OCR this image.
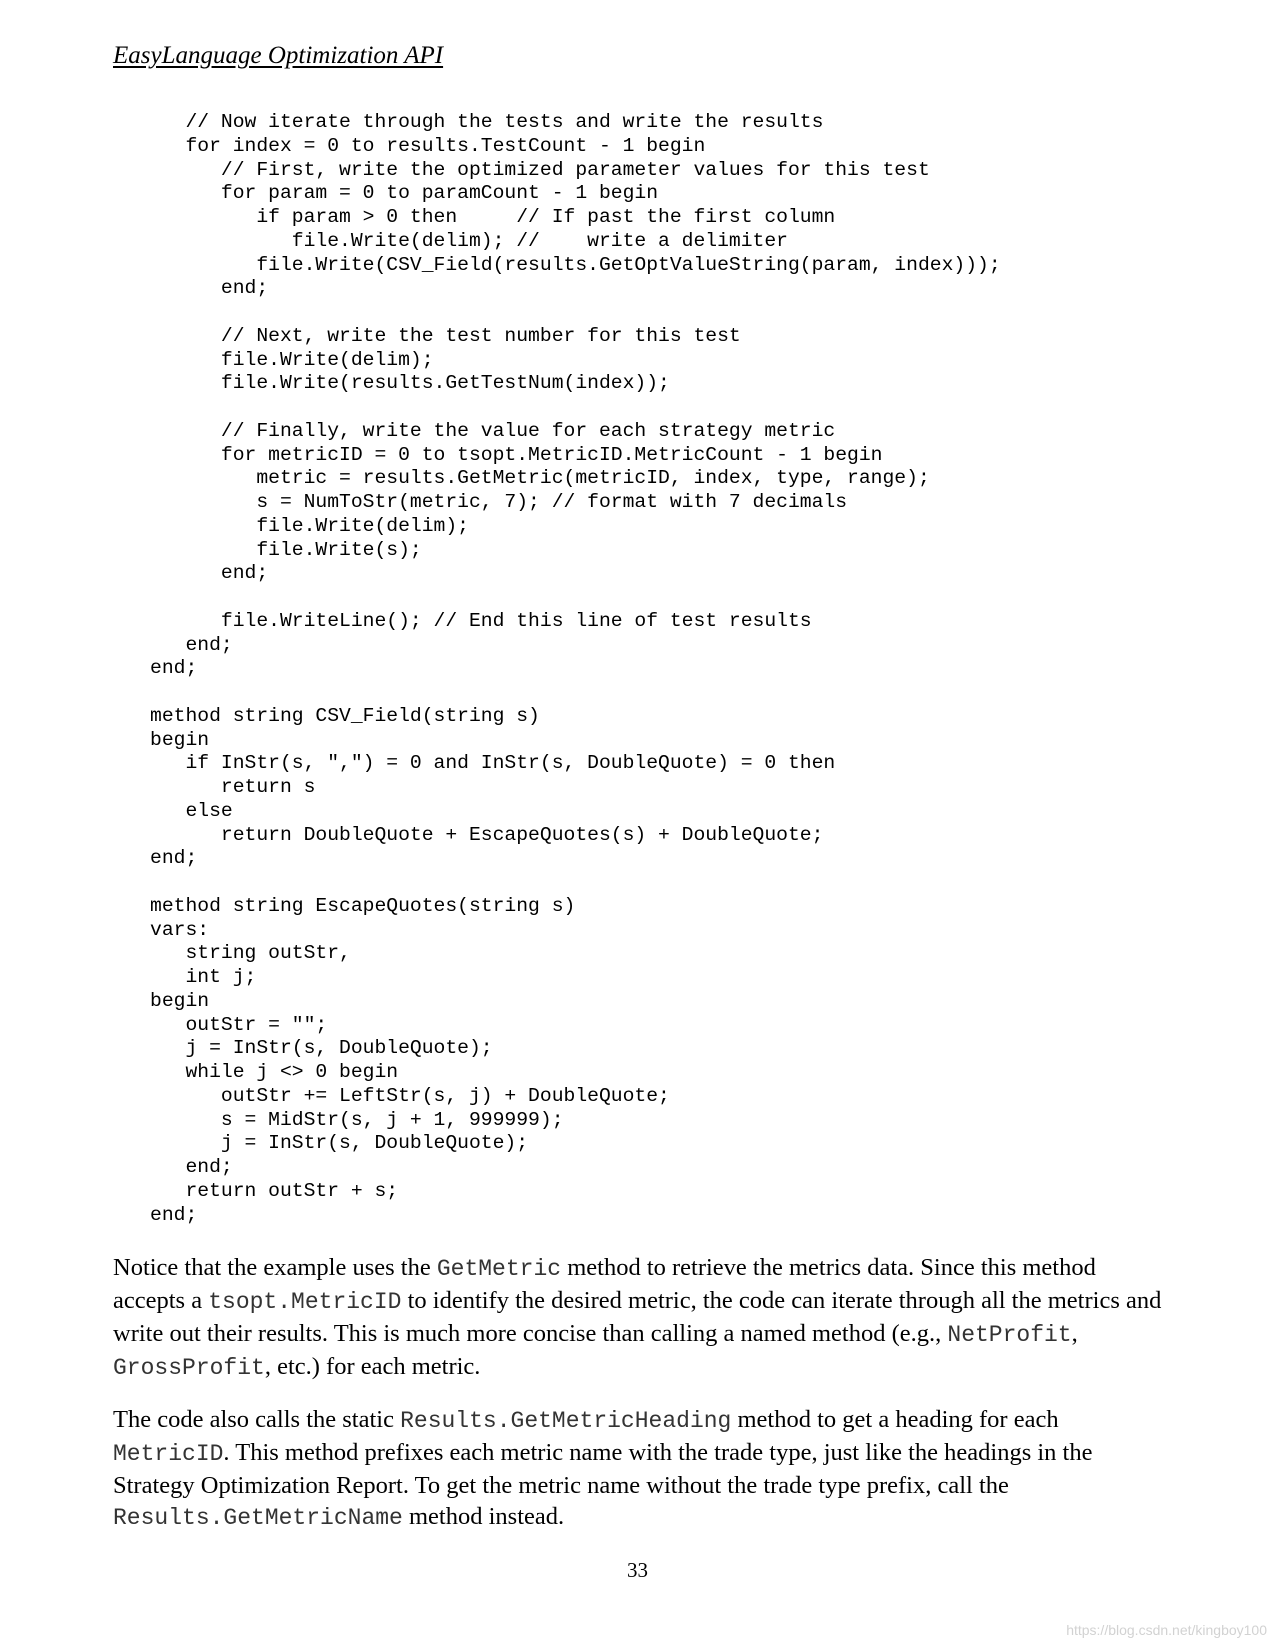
EasyLanguage Optimization API
// Now iterate through the tests and write the results
for index = 0 to results.TestCount - 1 begin
// First, write the optimized parameter values for this test
for param = 0 to paramCount - 1 begin
if param > 0 then     // If past the first column
file.Write(delim); //    write a delimiter
file.Write(CSV_Field(results.GetOptValueString(param, index)));
end;
// Next, write the test number for this test
file.Write(delim);
file.Write(results.GetTestNum(index));
// Finally, write the value for each strategy metric
for metricID = 0 to tsopt.MetricID.MetricCount - 1 begin
metric = results.GetMetric(metricID, index, type, range);
s = NumToStr(metric, 7); // format with 7 decimals
file.Write(delim);
file.Write(s);
end;
file.WriteLine(); // End this line of test results
end;
end;
method string CSV_Field(string s)
begin
if InStr(s, ",") = 0 and InStr(s, DoubleQuote) = 0 then
return s
else
return DoubleQuote + EscapeQuotes(s) + DoubleQuote;
end;
method string EscapeQuotes(string s)
vars:
string outStr,
int j;
begin
outStr = "";
j = InStr(s, DoubleQuote);
while j <> 0 begin
outStr += LeftStr(s, j) + DoubleQuote;
s = MidStr(s, j + 1, 999999);
j = InStr(s, DoubleQuote);
end;
return outStr + s;
end;

Notice that the example uses the GetMetric method to retrieve the metrics data. Since this method accepts a tsopt.MetricID to identify the desired metric, the code can iterate through all the metrics and write out their results. This is much more concise than calling a named method (e.g., NetProfit, GrossProfit, etc.) for each metric.

The code also calls the static Results.GetMetricHeading method to get a heading for each MetricID. This method prefixes each metric name with the trade type, just like the headings in the Strategy Optimization Report. To get the metric name without the trade type prefix, call the Results.GetMetricName method instead.

33
https://blog.csdn.net/kingboy100
